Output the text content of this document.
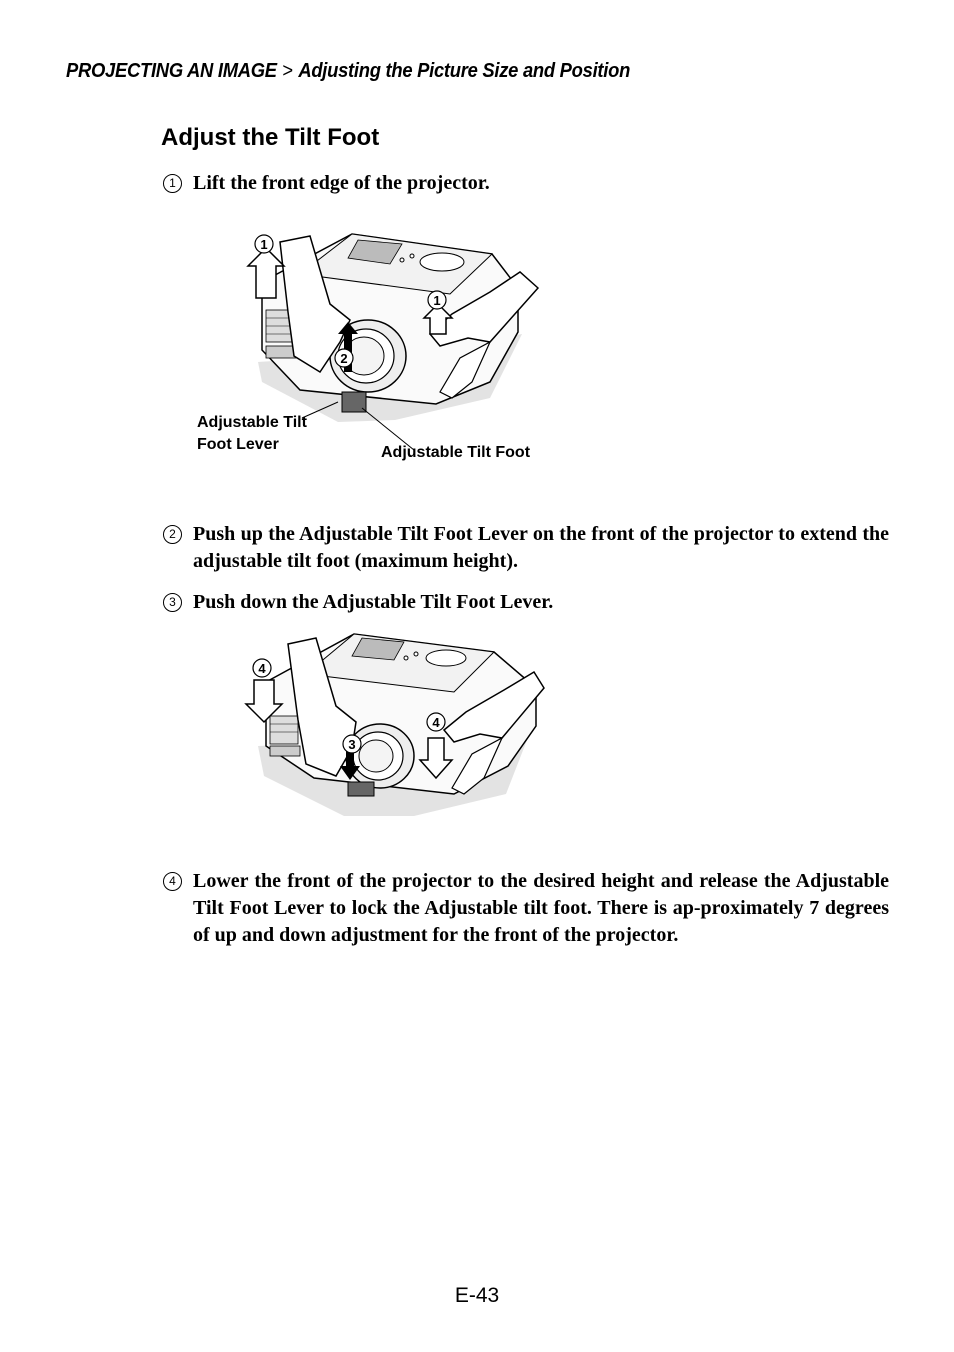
PROJECTING AN IMAGE > Adjusting the Picture Size and Position
Adjust the Tilt Foot
1 Lift the front edge of the projector.
1
1
2
Adjustable Tilt
Foot Lever	Adjustable Tilt Foot
2 Push up the Adjustable Tilt Foot Lever on the front of the projector to extend the adjustable tilt foot (maximum height).
3 Push down the Adjustable Tilt Foot Lever.
4
4
3
4 Lower the front of the projector to the desired height and release the Adjustable Tilt Foot Lever to lock the Adjustable tilt foot. There is ap-proximately 7 degrees of up and down adjustment for the front of the projector.
E-43
